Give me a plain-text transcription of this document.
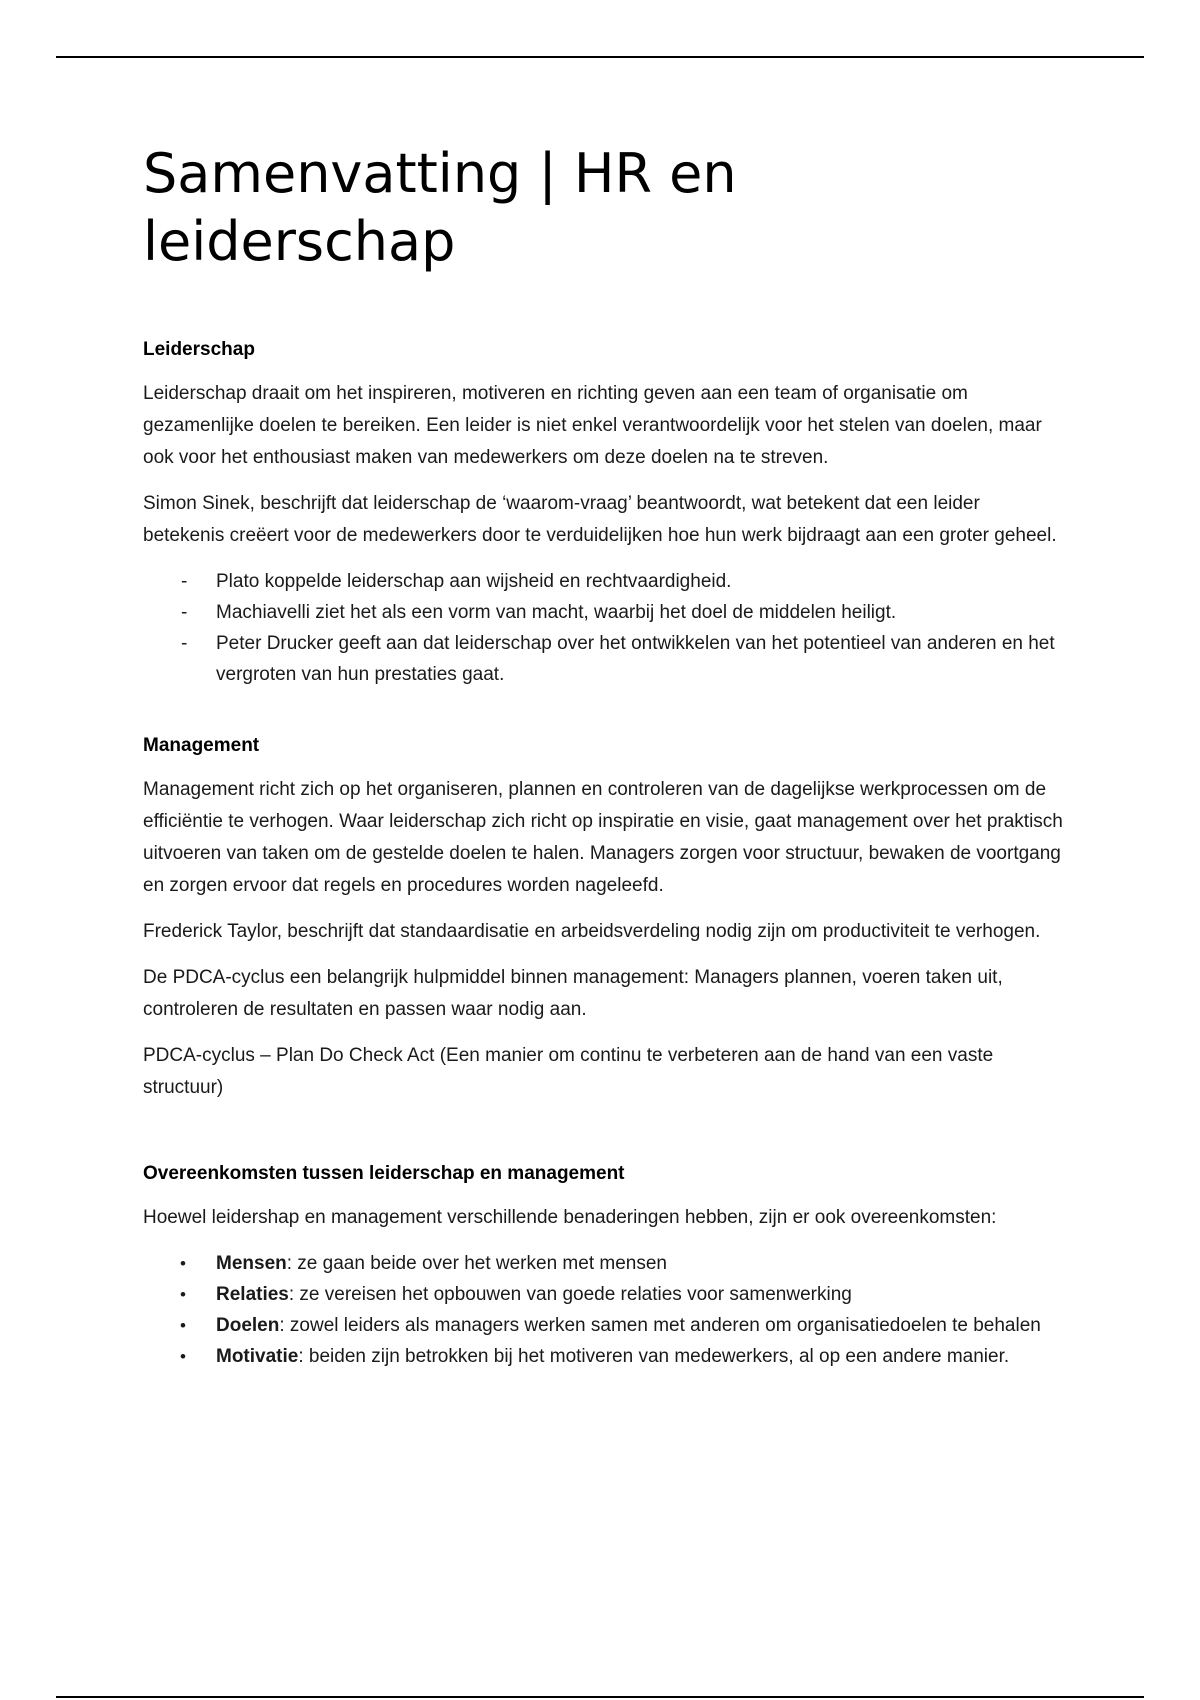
Samenvatting | HR en leiderschap
Leiderschap

Leiderschap draait om het inspireren, motiveren en richting geven aan een team of organisatie om gezamenlijke doelen te bereiken. Een leider is niet enkel verantwoordelijk voor het stelen van doelen, maar ook voor het enthousiast maken van medewerkers om deze doelen na te streven.

Simon Sinek, beschrijft dat leiderschap de ‘waarom-vraag’ beantwoordt, wat betekent dat een leider betekenis creëert voor de medewerkers door te verduidelijken hoe hun werk bijdraagt aan een groter geheel.

- Plato koppelde leiderschap aan wijsheid en rechtvaardigheid.
- Machiavelli ziet het als een vorm van macht, waarbij het doel de middelen heiligt.
- Peter Drucker geeft aan dat leiderschap over het ontwikkelen van het potentieel van anderen en het vergroten van hun prestaties gaat.
Management

Management richt zich op het organiseren, plannen en controleren van de dagelijkse werkprocessen om de efficiëntie te verhogen. Waar leiderschap zich richt op inspiratie en visie, gaat management over het praktisch uitvoeren van taken om de gestelde doelen te halen. Managers zorgen voor structuur, bewaken de voortgang en zorgen ervoor dat regels en procedures worden nageleefd.

Frederick Taylor, beschrijft dat standaardisatie en arbeidsverdeling nodig zijn om productiviteit te verhogen.

De PDCA-cyclus een belangrijk hulpmiddel binnen management: Managers plannen, voeren taken uit, controleren de resultaten en passen waar nodig aan.

PDCA-cyclus – Plan Do Check Act (Een manier om continu te verbeteren aan de hand van een vaste structuur)

Overeenkomsten tussen leiderschap en management

Hoewel leidershap en management verschillende benaderingen hebben, zijn er ook overeenkomsten:

• Mensen: ze gaan beide over het werken met mensen
• Relaties: ze vereisen het opbouwen van goede relaties voor samenwerking
• Doelen: zowel leiders als managers werken samen met anderen om organisatiedoelen te behalen
• Motivatie: beiden zijn betrokken bij het motiveren van medewerkers, al op een andere manier.
